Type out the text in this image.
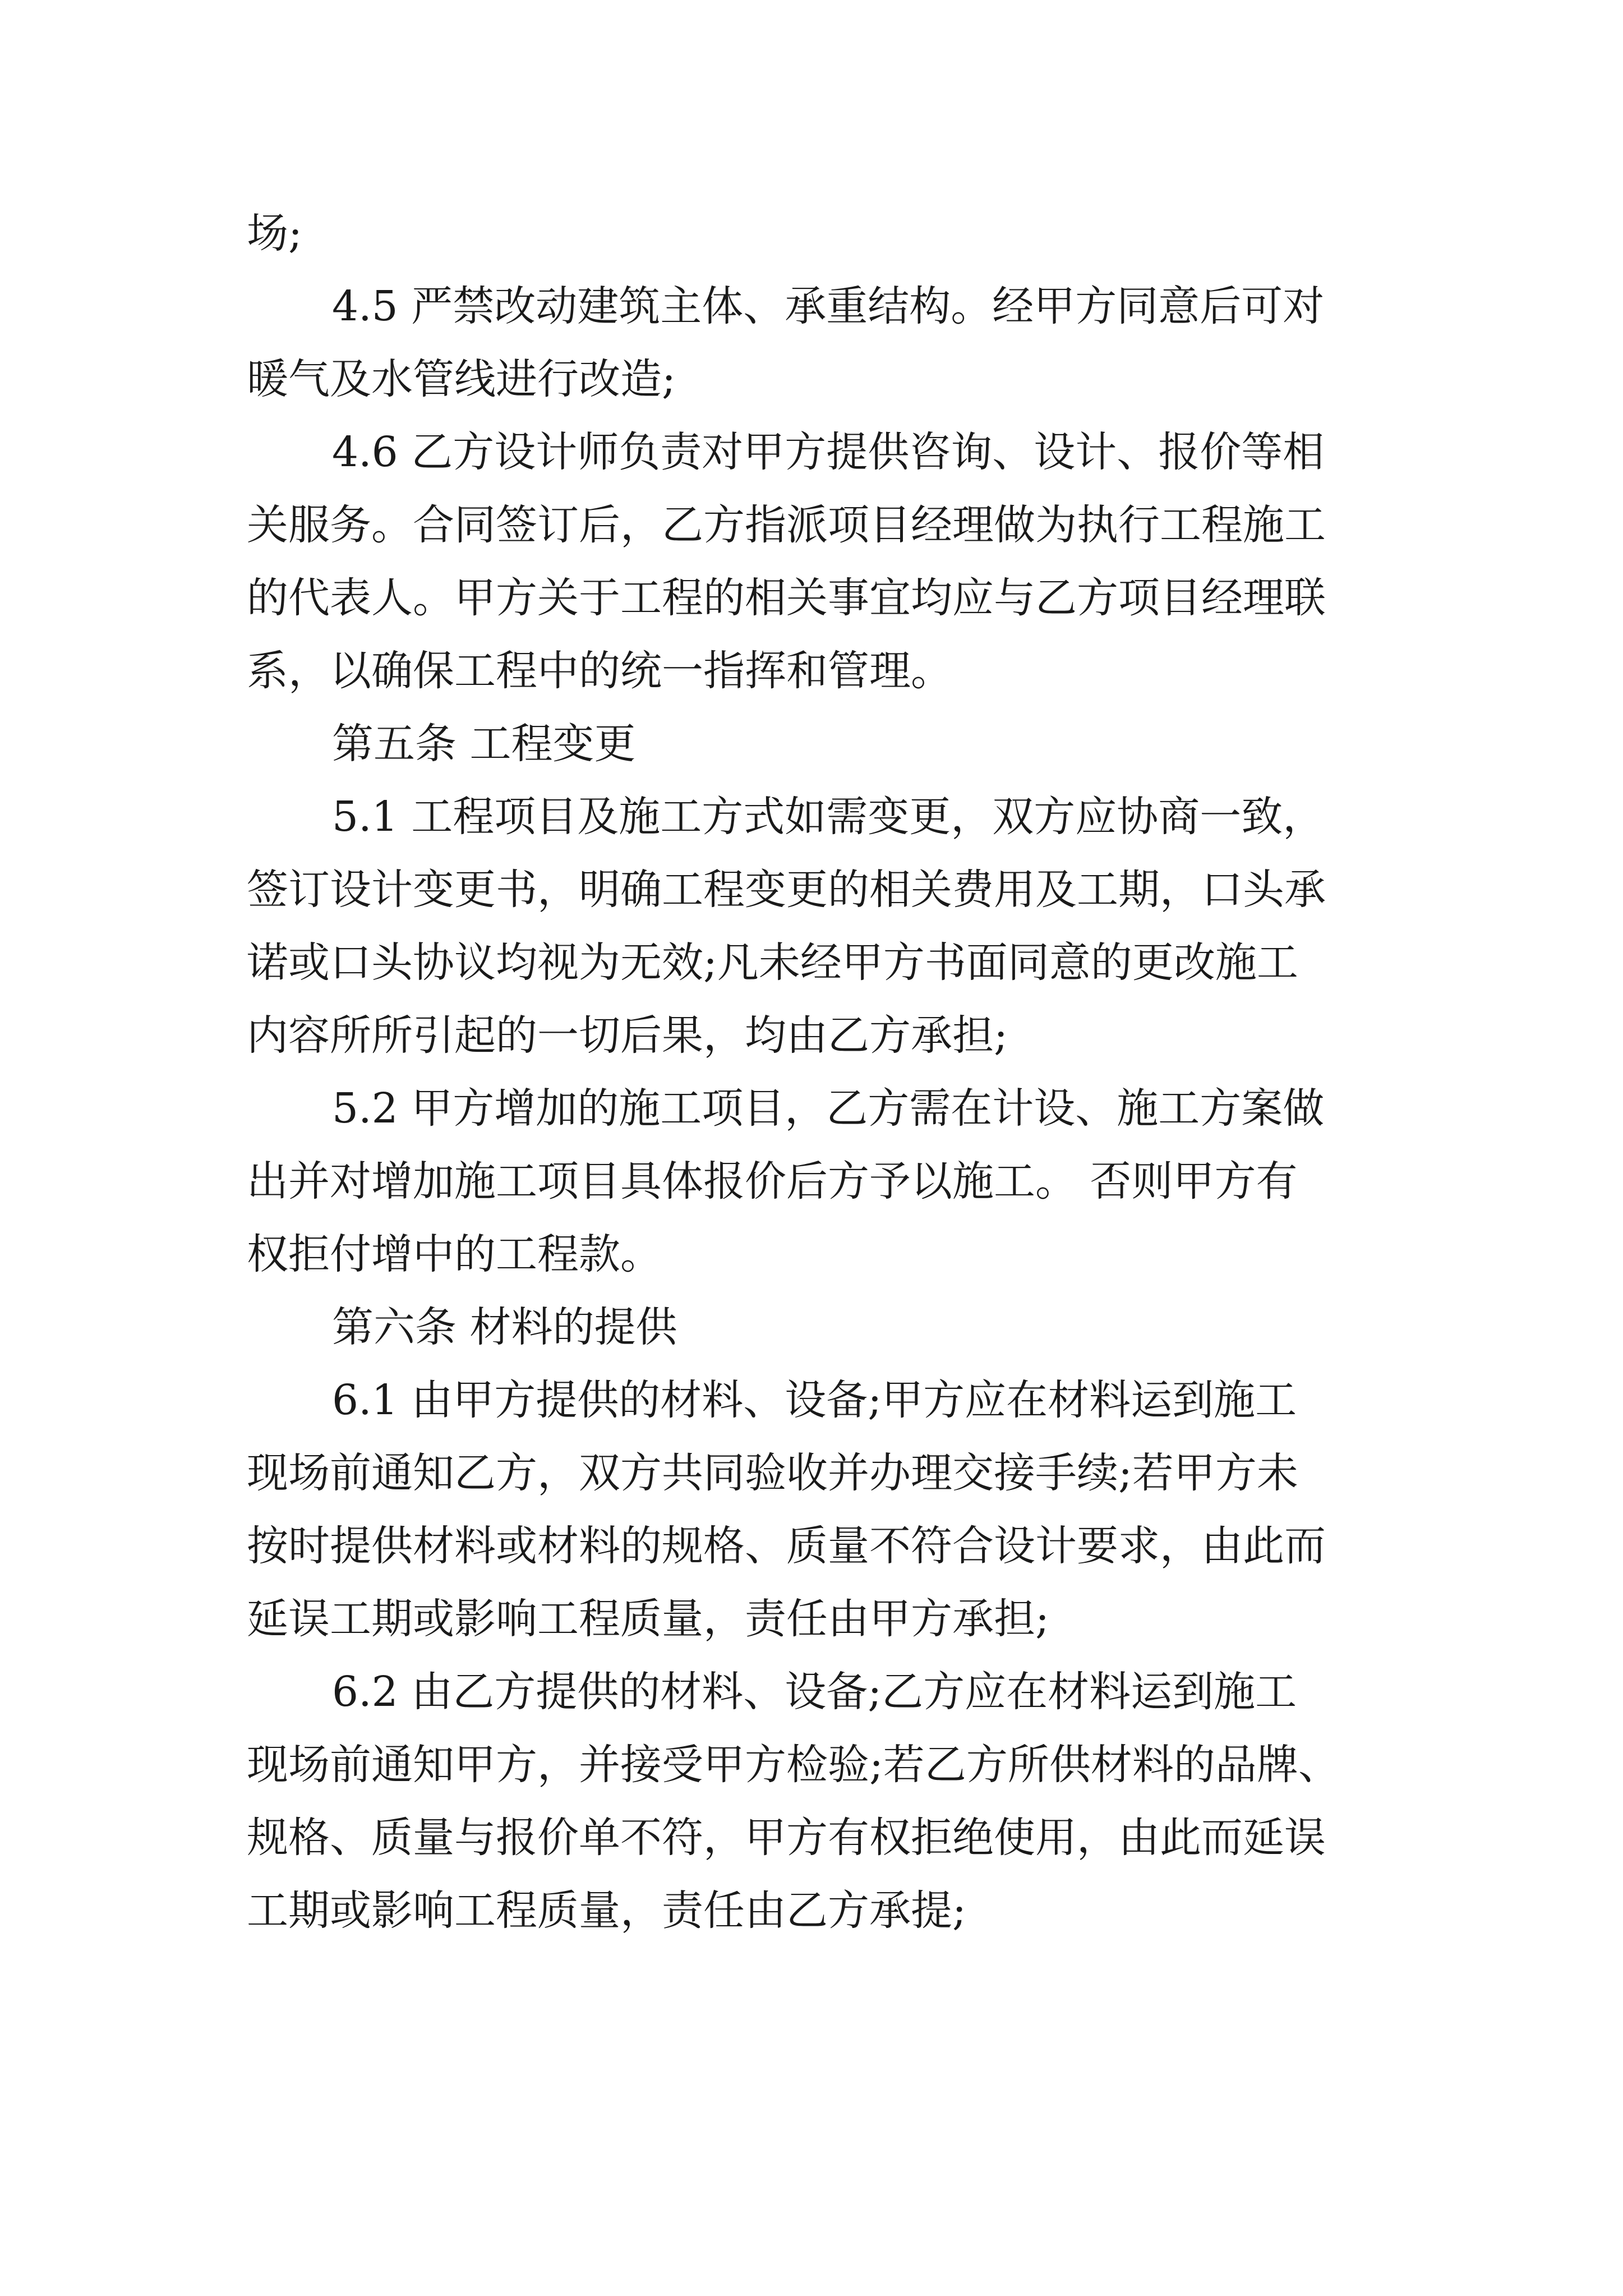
场;

4.5 严禁改动建筑主体、承重结构。经甲方同意后可对

暖气及水管线进行改造;

4.6 乙方设计师负责对甲方提供咨询、设计、报价等相

关服务。合同签订后，乙方指派项目经理做为执行工程施工

的代表人。甲方关于工程的相关事宜均应与乙方项目经理联

系，以确保工程中的统一指挥和管理。

第五条 工程变更

5.1 工程项目及施工方式如需变更，双方应协商一致，

签订设计变更书，明确工程变更的相关费用及工期，口头承

诺或口头协议均视为无效;凡未经甲方书面同意的更改施工

内容所所引起的一切后果，均由乙方承担;

5.2 甲方增加的施工项目，乙方需在计设、施工方案做

出并对增加施工项目具体报价后方予以施工。 否则甲方有

权拒付增中的工程款。

第六条 材料的提供

6.1 由甲方提供的材料、设备;甲方应在材料运到施工

现场前通知乙方，双方共同验收并办理交接手续;若甲方未

按时提供材料或材料的规格、质量不符合设计要求，由此而

延误工期或影响工程质量，责任由甲方承担;

6.2 由乙方提供的材料、设备;乙方应在材料运到施工

现场前通知甲方，并接受甲方检验;若乙方所供材料的品牌、

规格、质量与报价单不符，甲方有权拒绝使用，由此而延误

工期或影响工程质量，责任由乙方承提;
